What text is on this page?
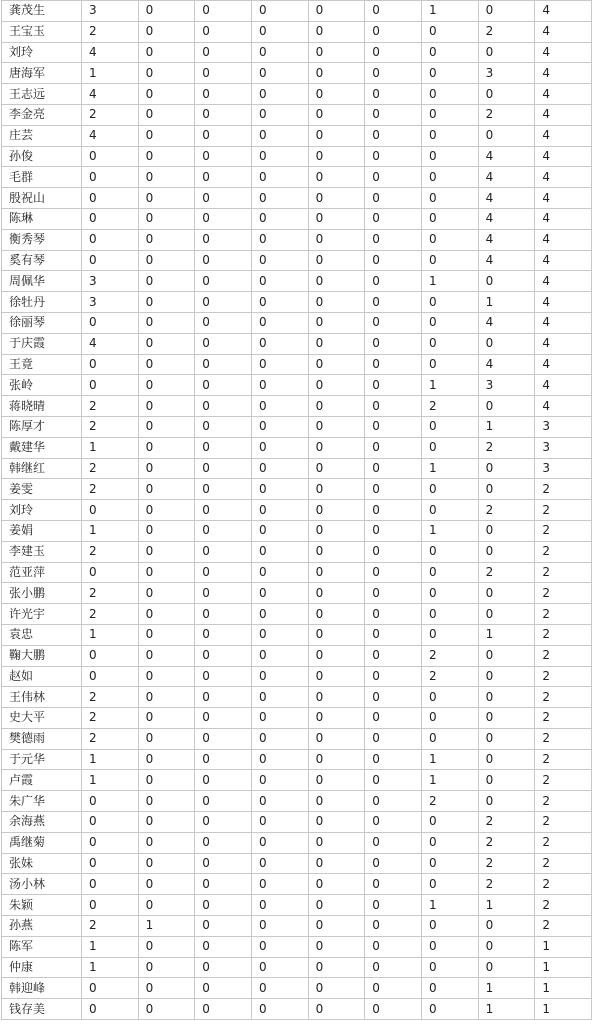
龚茂生	3	0	0	0	0	0	1	0	4
王宝玉	2	0	0	0	0	0	0	2	4
刘玲	4	0	0	0	0	0	0	0	4
唐海军	1	0	0	0	0	0	0	3	4
王志远	4	0	0	0	0	0	0	0	4
李金亮	2	0	0	0	0	0	0	2	4
庄芸	4	0	0	0	0	0	0	0	4
孙俊	0	0	0	0	0	0	0	4	4
毛群	0	0	0	0	0	0	0	4	4
殷祝山	0	0	0	0	0	0	0	4	4
陈琳	0	0	0	0	0	0	0	4	4
衡秀琴	0	0	0	0	0	0	0	4	4
奚有琴	0	0	0	0	0	0	0	4	4
周佩华	3	0	0	0	0	0	1	0	4
徐牡丹	3	0	0	0	0	0	0	1	4
徐丽琴	0	0	0	0	0	0	0	4	4
于庆霞	4	0	0	0	0	0	0	0	4
王竟	0	0	0	0	0	0	0	4	4
张岭	0	0	0	0	0	0	1	3	4
蒋晓晴	2	0	0	0	0	0	2	0	4
陈厚才	2	0	0	0	0	0	0	1	3
戴建华	1	0	0	0	0	0	0	2	3
韩继红	2	0	0	0	0	0	1	0	3
姜雯	2	0	0	0	0	0	0	0	2
刘玲	0	0	0	0	0	0	0	2	2
姜娟	1	0	0	0	0	0	1	0	2
李建玉	2	0	0	0	0	0	0	0	2
范亚萍	0	0	0	0	0	0	0	2	2
张小鹏	2	0	0	0	0	0	0	0	2
许光宇	2	0	0	0	0	0	0	0	2
袁忠	1	0	0	0	0	0	0	1	2
鞠大鹏	0	0	0	0	0	0	2	0	2
赵如	0	0	0	0	0	0	2	0	2
王伟林	2	0	0	0	0	0	0	0	2
史大平	2	0	0	0	0	0	0	0	2
樊德雨	2	0	0	0	0	0	0	0	2
于元华	1	0	0	0	0	0	1	0	2
卢霞	1	0	0	0	0	0	1	0	2
朱广华	0	0	0	0	0	0	2	0	2
余海燕	0	0	0	0	0	0	0	2	2
禹继菊	0	0	0	0	0	0	0	2	2
张妹	0	0	0	0	0	0	0	2	2
汤小林	0	0	0	0	0	0	0	2	2
朱颖	0	0	0	0	0	0	1	1	2
孙燕	2	1	0	0	0	0	0	0	2
陈军	1	0	0	0	0	0	0	0	1
仲康	1	0	0	0	0	0	0	0	1
韩迎峰	0	0	0	0	0	0	0	1	1
钱存美	0	0	0	0	0	0	0	1	1
